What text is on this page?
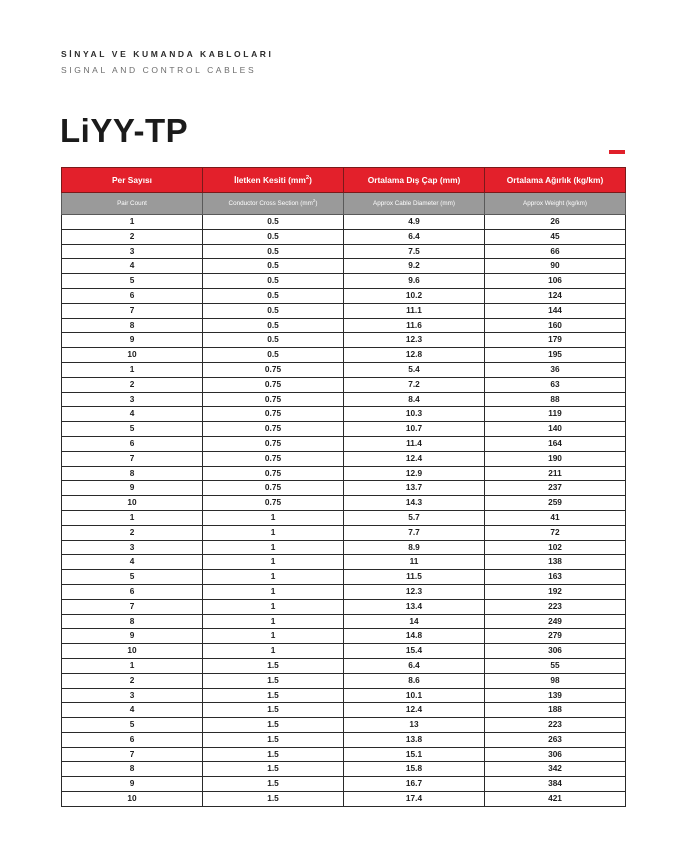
SİNYAL VE KUMANDA KABLOLARI
SIGNAL AND CONTROL CABLES
LiYY-TP
Per Sayısı	İletken Kesiti $(mm^2)$	Ortalama Dış Çap (mm)	Ortalama Ağırlık (kg/km)
Pair Count	Conductor Cross Section $(mm^2)$	Approx Cable Diameter (mm)	Approx Weight (kg/km)
1	0.5	4.9	26
2	0.5	6.4	45
3	0.5	7.5	66
4	0.5	9.2	90
5	0.5	9.6	106
6	0.5	10.2	124
7	0.5	11.1	144
8	0.5	11.6	160
9	0.5	12.3	179
10	0.5	12.8	195
1	0.75	5.4	36
2	0.75	7.2	63
3	0.75	8.4	88
4	0.75	10.3	119
5	0.75	10.7	140
6	0.75	11.4	164
7	0.75	12.4	190
8	0.75	12.9	211
9	0.75	13.7	237
10	0.75	14.3	259
1	1	5.7	41
2	1	7.7	72
3	1	8.9	102
4	1	11	138
5	1	11.5	163
6	1	12.3	192
7	1	13.4	223
8	1	14	249
9	1	14.8	279
10	1	15.4	306
1	1.5	6.4	55
2	1.5	8.6	98
3	1.5	10.1	139
4	1.5	12.4	188
5	1.5	13	223
6	1.5	13.8	263
7	1.5	15.1	306
8	1.5	15.8	342
9	1.5	16.7	384
10	1.5	17.4	421
